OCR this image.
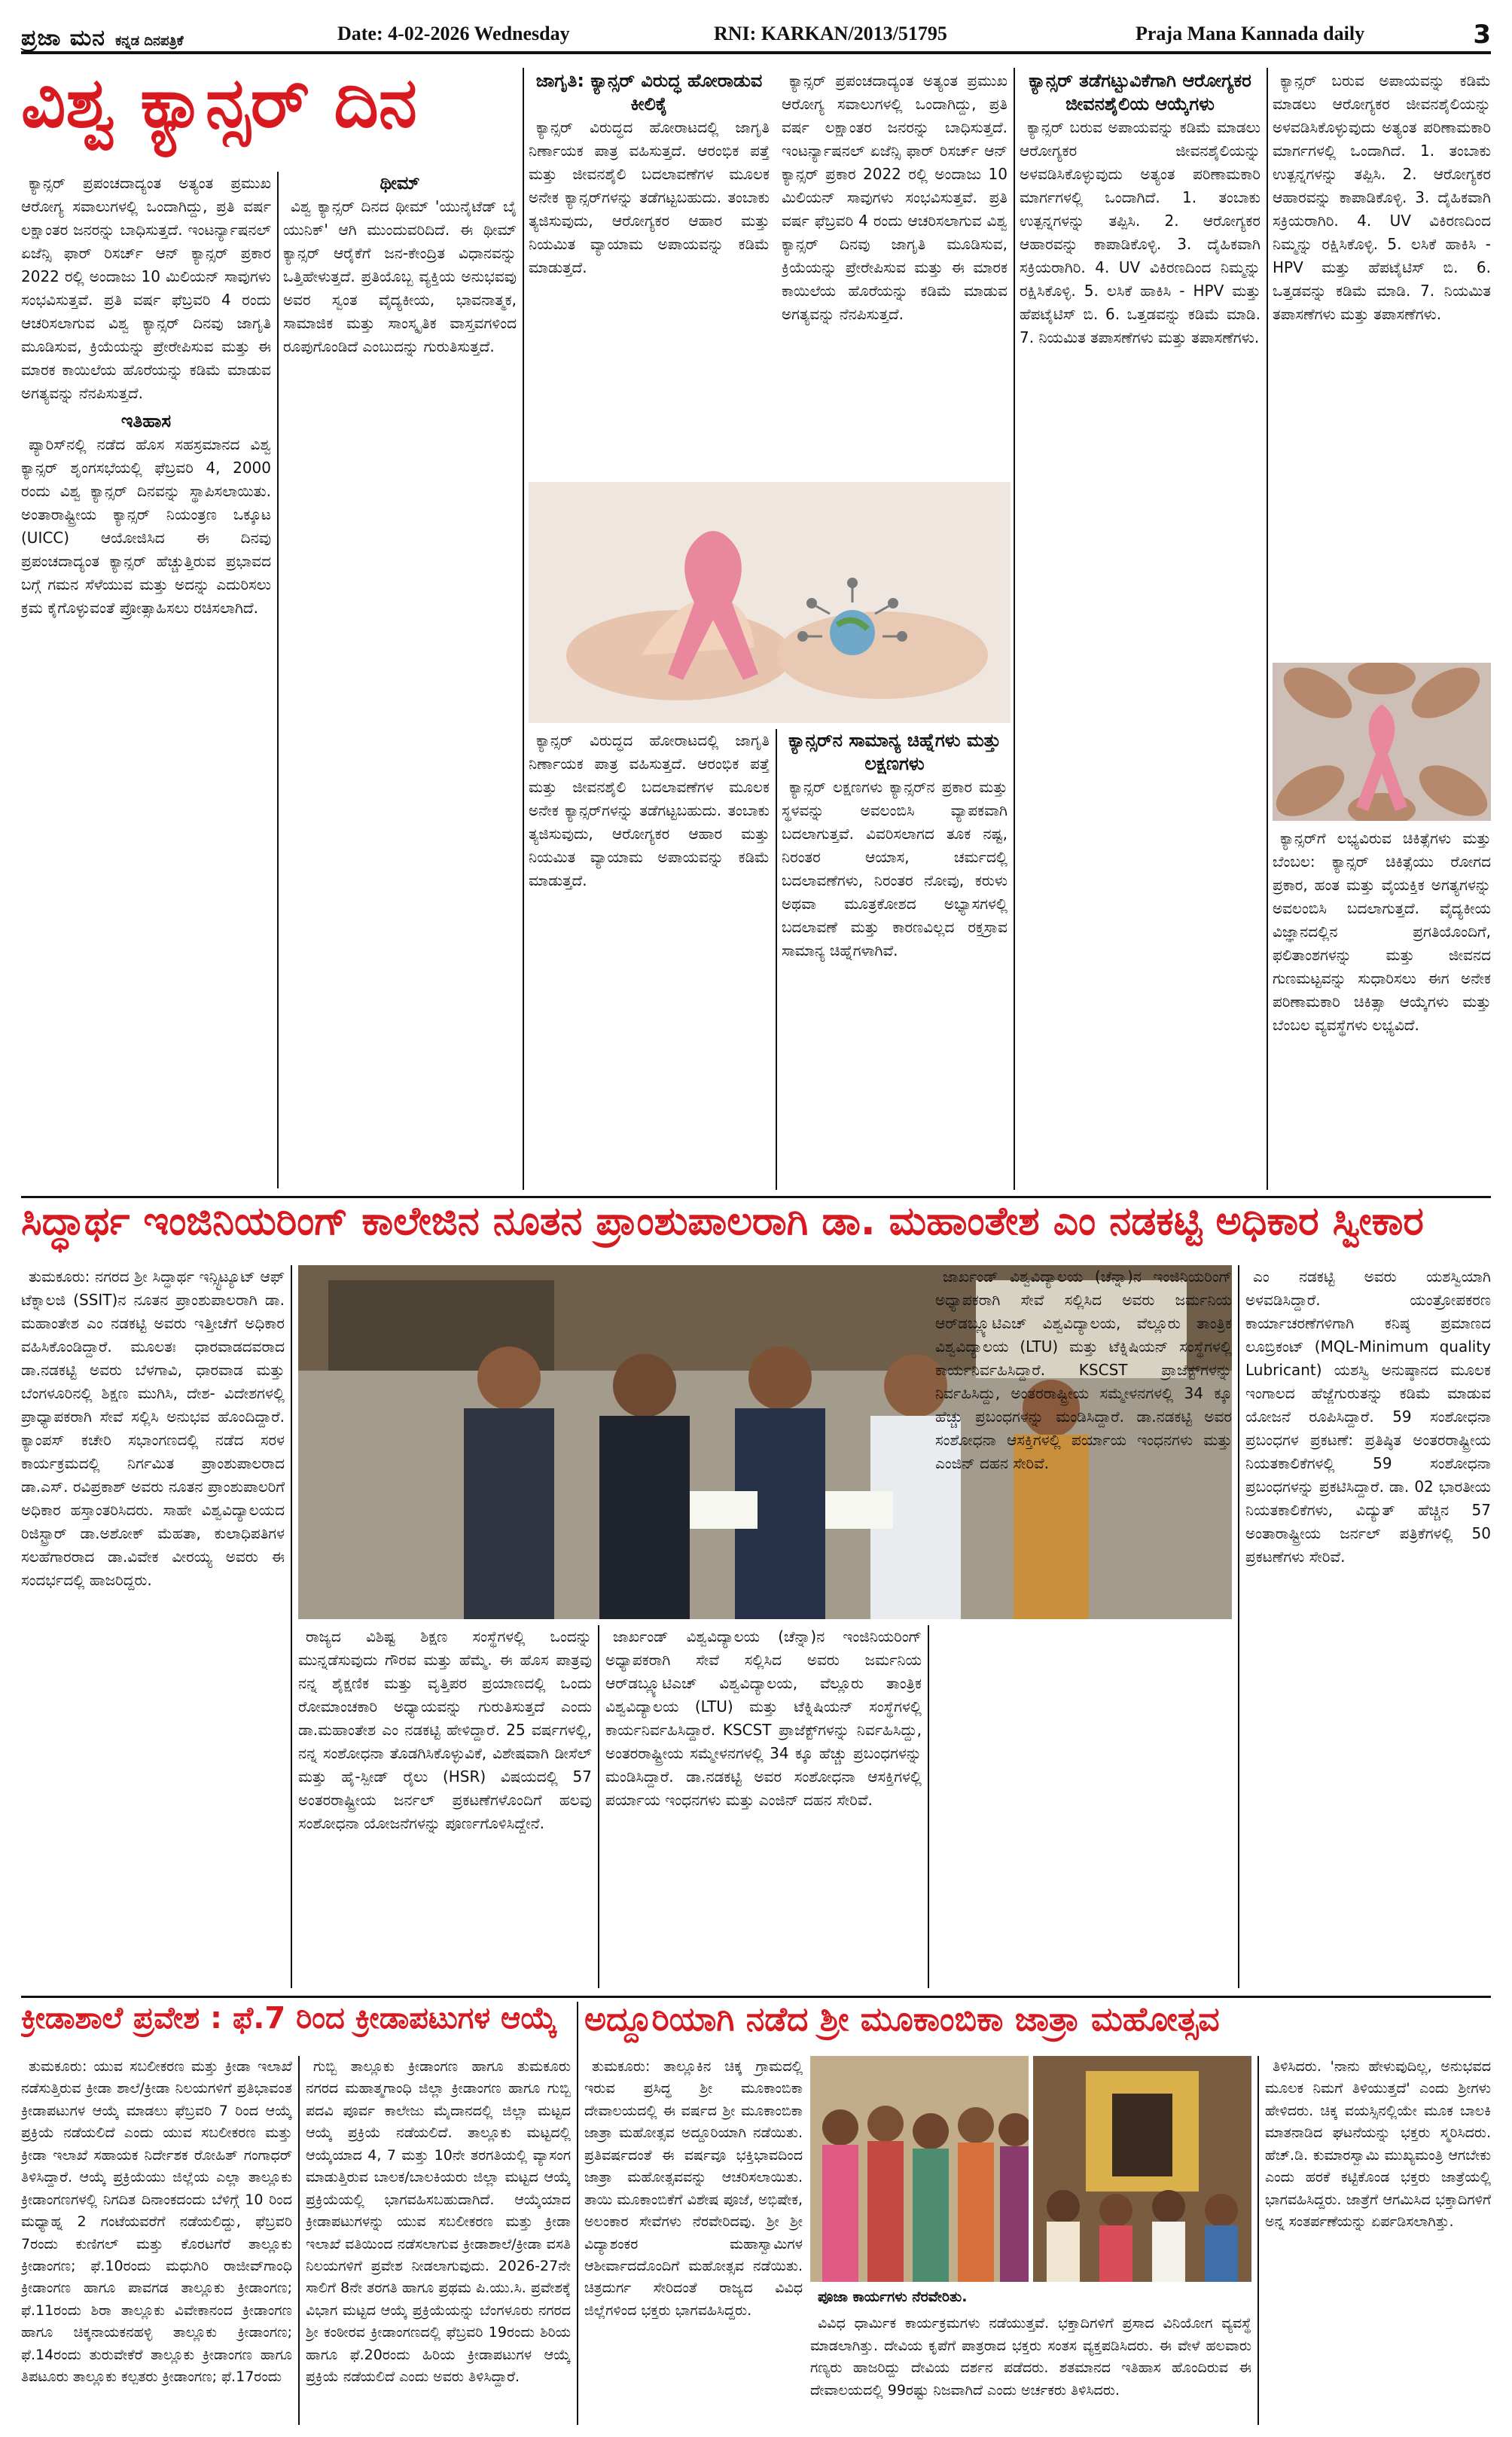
ಪ್ರಜಾ ಮನ ಕನ್ನಡ ದಿನಪತ್ರಿಕೆ	Date: 4-02-2026 Wednesday	RNI: KARKAN/2013/51795	Praja Mana Kannada daily	3
ವಿಶ್ವ ಕ್ಯಾನ್ಸರ್ ದಿನ

ಕ್ಯಾನ್ಸರ್ ಪ್ರಪಂಚದಾದ್ಯಂತ ಅತ್ಯಂತ ಪ್ರಮುಖ ಆರೋಗ್ಯ ಸವಾಲುಗಳಲ್ಲಿ ಒಂದಾಗಿದ್ದು, ಪ್ರತಿ ವರ್ಷ ಲಕ್ಷಾಂತರ ಜನರನ್ನು ಬಾಧಿಸುತ್ತದೆ. ಇಂಟರ್ನ್ಯಾಷನಲ್ ಏಜೆನ್ಸಿ ಫಾರ್ ರಿಸರ್ಚ್ ಆನ್ ಕ್ಯಾನ್ಸರ್ ಪ್ರಕಾರ 2022 ರಲ್ಲಿ ಅಂದಾಜು 10 ಮಿಲಿಯನ್ ಸಾವುಗಳು ಸಂಭವಿಸುತ್ತವೆ. ಪ್ರತಿ ವರ್ಷ ಫೆಬ್ರವರಿ 4 ರಂದು ಆಚರಿಸಲಾಗುವ ವಿಶ್ವ ಕ್ಯಾನ್ಸರ್ ದಿನವು ಜಾಗೃತಿ ಮೂಡಿಸುವ, ಕ್ರಿಯೆಯನ್ನು ಪ್ರೇರೇಪಿಸುವ ಮತ್ತು ಈ ಮಾರಕ ಕಾಯಿಲೆಯ ಹೊರೆಯನ್ನು ಕಡಿಮೆ ಮಾಡುವ ಅಗತ್ಯವನ್ನು ನೆನಪಿಸುತ್ತದೆ.

ಇತಿಹಾಸ

ಪ್ಯಾರಿಸ್‌ನಲ್ಲಿ ನಡೆದ ಹೊಸ ಸಹಸ್ರಮಾನದ ವಿಶ್ವ ಕ್ಯಾನ್ಸರ್ ಶೃಂಗಸಭೆಯಲ್ಲಿ ಫೆಬ್ರವರಿ 4, 2000 ರಂದು ವಿಶ್ವ ಕ್ಯಾನ್ಸರ್ ದಿನವನ್ನು ಸ್ಥಾಪಿಸಲಾಯಿತು. ಅಂತಾರಾಷ್ಟ್ರೀಯ ಕ್ಯಾನ್ಸರ್ ನಿಯಂತ್ರಣ ಒಕ್ಕೂಟ (UICC) ಆಯೋಜಿಸಿದ ಈ ದಿನವು ಪ್ರಪಂಚದಾದ್ಯಂತ ಕ್ಯಾನ್ಸರ್ ಹೆಚ್ಚುತ್ತಿರುವ ಪ್ರಭಾವದ ಬಗ್ಗೆ ಗಮನ ಸೆಳೆಯುವ ಮತ್ತು ಅದನ್ನು ಎದುರಿಸಲು ಕ್ರಮ ಕೈಗೊಳ್ಳುವಂತೆ ಪ್ರೋತ್ಸಾಹಿಸಲು ರಚಿಸಲಾಗಿದೆ.

ಥೀಮ್

ವಿಶ್ವ ಕ್ಯಾನ್ಸರ್ ದಿನದ ಥೀಮ್ 'ಯುನೈಟೆಡ್ ಬೈ ಯುನಿಕ್' ಆಗಿ ಮುಂದುವರಿದಿದೆ. ಈ ಥೀಮ್ ಕ್ಯಾನ್ಸರ್ ಆರೈಕೆಗೆ ಜನ-ಕೇಂದ್ರಿತ ವಿಧಾನವನ್ನು ಒತ್ತಿಹೇಳುತ್ತದೆ. ಪ್ರತಿಯೊಬ್ಬ ವ್ಯಕ್ತಿಯ ಅನುಭವವು ಅವರ ಸ್ವಂತ ವೈದ್ಯಕೀಯ, ಭಾವನಾತ್ಮಕ, ಸಾಮಾಜಿಕ ಮತ್ತು ಸಾಂಸ್ಕೃತಿಕ ವಾಸ್ತವಗಳಿಂದ ರೂಪುಗೊಂಡಿದೆ ಎಂಬುದನ್ನು ಗುರುತಿಸುತ್ತದೆ.

ಜಾಗೃತಿ: ಕ್ಯಾನ್ಸರ್ ವಿರುದ್ಧ ಹೋರಾಡುವ ಕೀಲಿಕೈ

ಕ್ಯಾನ್ಸರ್ ವಿರುದ್ಧದ ಹೋರಾಟದಲ್ಲಿ ಜಾಗೃತಿ ನಿರ್ಣಾಯಕ ಪಾತ್ರ ವಹಿಸುತ್ತದೆ. ಆರಂಭಿಕ ಪತ್ತೆ ಮತ್ತು ಜೀವನಶೈಲಿ ಬದಲಾವಣೆಗಳ ಮೂಲಕ ಅನೇಕ ಕ್ಯಾನ್ಸರ್‌ಗಳನ್ನು ತಡೆಗಟ್ಟಬಹುದು. ತಂಬಾಕು ತ್ಯಜಿಸುವುದು, ಆರೋಗ್ಯಕರ ಆಹಾರ ಮತ್ತು ನಿಯಮಿತ ವ್ಯಾಯಾಮ ಅಪಾಯವನ್ನು ಕಡಿಮೆ ಮಾಡುತ್ತದೆ.

ಕ್ಯಾನ್ಸರ್ ವಿರುದ್ಧದ ಹೋರಾಟದಲ್ಲಿ ಜಾಗೃತಿ ನಿರ್ಣಾಯಕ ಪಾತ್ರ ವಹಿಸುತ್ತದೆ. ಆರಂಭಿಕ ಪತ್ತೆ ಮತ್ತು ಜೀವನಶೈಲಿ ಬದಲಾವಣೆಗಳ ಮೂಲಕ ಅನೇಕ ಕ್ಯಾನ್ಸರ್‌ಗಳನ್ನು ತಡೆಗಟ್ಟಬಹುದು. ತಂಬಾಕು ತ್ಯಜಿಸುವುದು, ಆರೋಗ್ಯಕರ ಆಹಾರ ಮತ್ತು ನಿಯಮಿತ ವ್ಯಾಯಾಮ ಅಪಾಯವನ್ನು ಕಡಿಮೆ ಮಾಡುತ್ತದೆ.

ಕ್ಯಾನ್ಸರ್ ಪ್ರಪಂಚದಾದ್ಯಂತ ಅತ್ಯಂತ ಪ್ರಮುಖ ಆರೋಗ್ಯ ಸವಾಲುಗಳಲ್ಲಿ ಒಂದಾಗಿದ್ದು, ಪ್ರತಿ ವರ್ಷ ಲಕ್ಷಾಂತರ ಜನರನ್ನು ಬಾಧಿಸುತ್ತದೆ. ಇಂಟರ್ನ್ಯಾಷನಲ್ ಏಜೆನ್ಸಿ ಫಾರ್ ರಿಸರ್ಚ್ ಆನ್ ಕ್ಯಾನ್ಸರ್ ಪ್ರಕಾರ 2022 ರಲ್ಲಿ ಅಂದಾಜು 10 ಮಿಲಿಯನ್ ಸಾವುಗಳು ಸಂಭವಿಸುತ್ತವೆ. ಪ್ರತಿ ವರ್ಷ ಫೆಬ್ರವರಿ 4 ರಂದು ಆಚರಿಸಲಾಗುವ ವಿಶ್ವ ಕ್ಯಾನ್ಸರ್ ದಿನವು ಜಾಗೃತಿ ಮೂಡಿಸುವ, ಕ್ರಿಯೆಯನ್ನು ಪ್ರೇರೇಪಿಸುವ ಮತ್ತು ಈ ಮಾರಕ ಕಾಯಿಲೆಯ ಹೊರೆಯನ್ನು ಕಡಿಮೆ ಮಾಡುವ ಅಗತ್ಯವನ್ನು ನೆನಪಿಸುತ್ತದೆ.

ಕ್ಯಾನ್ಸರ್‌ನ ಸಾಮಾನ್ಯ ಚಿಹ್ನೆಗಳು ಮತ್ತು ಲಕ್ಷಣಗಳು

ಕ್ಯಾನ್ಸರ್ ಲಕ್ಷಣಗಳು ಕ್ಯಾನ್ಸರ್‌ನ ಪ್ರಕಾರ ಮತ್ತು ಸ್ಥಳವನ್ನು ಅವಲಂಬಿಸಿ ವ್ಯಾಪಕವಾಗಿ ಬದಲಾಗುತ್ತವೆ. ವಿವರಿಸಲಾಗದ ತೂಕ ನಷ್ಟ, ನಿರಂತರ ಆಯಾಸ, ಚರ್ಮದಲ್ಲಿ ಬದಲಾವಣೆಗಳು, ನಿರಂತರ ನೋವು, ಕರುಳು ಅಥವಾ ಮೂತ್ರಕೋಶದ ಅಭ್ಯಾಸಗಳಲ್ಲಿ ಬದಲಾವಣೆ ಮತ್ತು ಕಾರಣವಿಲ್ಲದ ರಕ್ತಸ್ರಾವ ಸಾಮಾನ್ಯ ಚಿಹ್ನೆಗಳಾಗಿವೆ.

ಕ್ಯಾನ್ಸರ್ ತಡೆಗಟ್ಟುವಿಕೆಗಾಗಿ ಆರೋಗ್ಯಕರ ಜೀವನಶೈಲಿಯ ಆಯ್ಕೆಗಳು

ಕ್ಯಾನ್ಸರ್ ಬರುವ ಅಪಾಯವನ್ನು ಕಡಿಮೆ ಮಾಡಲು ಆರೋಗ್ಯಕರ ಜೀವನಶೈಲಿಯನ್ನು ಅಳವಡಿಸಿಕೊಳ್ಳುವುದು ಅತ್ಯಂತ ಪರಿಣಾಮಕಾರಿ ಮಾರ್ಗಗಳಲ್ಲಿ ಒಂದಾಗಿದೆ. 1. ತಂಬಾಕು ಉತ್ಪನ್ನಗಳನ್ನು ತಪ್ಪಿಸಿ. 2. ಆರೋಗ್ಯಕರ ಆಹಾರವನ್ನು ಕಾಪಾಡಿಕೊಳ್ಳಿ. 3. ದೈಹಿಕವಾಗಿ ಸಕ್ರಿಯರಾಗಿರಿ. 4. UV ವಿಕಿರಣದಿಂದ ನಿಮ್ಮನ್ನು ರಕ್ಷಿಸಿಕೊಳ್ಳಿ. 5. ಲಸಿಕೆ ಹಾಕಿಸಿ - HPV ಮತ್ತು ಹೆಪಟೈಟಿಸ್ ಬಿ. 6. ಒತ್ತಡವನ್ನು ಕಡಿಮೆ ಮಾಡಿ. 7. ನಿಯಮಿತ ತಪಾಸಣೆಗಳು ಮತ್ತು ತಪಾಸಣೆಗಳು.

ಕ್ಯಾನ್ಸರ್ ಬರುವ ಅಪಾಯವನ್ನು ಕಡಿಮೆ ಮಾಡಲು ಆರೋಗ್ಯಕರ ಜೀವನಶೈಲಿಯನ್ನು ಅಳವಡಿಸಿಕೊಳ್ಳುವುದು ಅತ್ಯಂತ ಪರಿಣಾಮಕಾರಿ ಮಾರ್ಗಗಳಲ್ಲಿ ಒಂದಾಗಿದೆ. 1. ತಂಬಾಕು ಉತ್ಪನ್ನಗಳನ್ನು ತಪ್ಪಿಸಿ. 2. ಆರೋಗ್ಯಕರ ಆಹಾರವನ್ನು ಕಾಪಾಡಿಕೊಳ್ಳಿ. 3. ದೈಹಿಕವಾಗಿ ಸಕ್ರಿಯರಾಗಿರಿ. 4. UV ವಿಕಿರಣದಿಂದ ನಿಮ್ಮನ್ನು ರಕ್ಷಿಸಿಕೊಳ್ಳಿ. 5. ಲಸಿಕೆ ಹಾಕಿಸಿ - HPV ಮತ್ತು ಹೆಪಟೈಟಿಸ್ ಬಿ. 6. ಒತ್ತಡವನ್ನು ಕಡಿಮೆ ಮಾಡಿ. 7. ನಿಯಮಿತ ತಪಾಸಣೆಗಳು ಮತ್ತು ತಪಾಸಣೆಗಳು.

ಕ್ಯಾನ್ಸರ್‌ಗೆ ಲಭ್ಯವಿರುವ ಚಿಕಿತ್ಸೆಗಳು ಮತ್ತು ಬೆಂಬಲ: ಕ್ಯಾನ್ಸರ್ ಚಿಕಿತ್ಸೆಯು ರೋಗದ ಪ್ರಕಾರ, ಹಂತ ಮತ್ತು ವೈಯಕ್ತಿಕ ಅಗತ್ಯಗಳನ್ನು ಅವಲಂಬಿಸಿ ಬದಲಾಗುತ್ತದೆ. ವೈದ್ಯಕೀಯ ವಿಜ್ಞಾನದಲ್ಲಿನ ಪ್ರಗತಿಯೊಂದಿಗೆ, ಫಲಿತಾಂಶಗಳನ್ನು ಮತ್ತು ಜೀವನದ ಗುಣಮಟ್ಟವನ್ನು ಸುಧಾರಿಸಲು ಈಗ ಅನೇಕ ಪರಿಣಾಮಕಾರಿ ಚಿಕಿತ್ಸಾ ಆಯ್ಕೆಗಳು ಮತ್ತು ಬೆಂಬಲ ವ್ಯವಸ್ಥೆಗಳು ಲಭ್ಯವಿದೆ.

ಸಿದ್ಧಾರ್ಥ ಇಂಜಿನಿಯರಿಂಗ್ ಕಾಲೇಜಿನ ನೂತನ ಪ್ರಾಂಶುಪಾಲರಾಗಿ ಡಾ. ಮಹಾಂತೇಶ ಎಂ ನಡಕಟ್ಟಿ ಅಧಿಕಾರ ಸ್ವೀಕಾರ

ತುಮಕೂರು: ನಗರದ ಶ್ರೀ ಸಿದ್ಧಾರ್ಥ ಇನ್ಸ್ಟಿಟ್ಯೂಟ್ ಆಫ್ ಟೆಕ್ನಾಲಜಿ (SSIT)ನ ನೂತನ ಪ್ರಾಂಶುಪಾಲರಾಗಿ ಡಾ. ಮಹಾಂತೇಶ ಎಂ ನಡಕಟ್ಟಿ ಅವರು ಇತ್ತೀಚೆಗೆ ಅಧಿಕಾರ ವಹಿಸಿಕೊಂಡಿದ್ದಾರೆ. ಮೂಲತಃ ಧಾರವಾಡದವರಾದ ಡಾ.ನಡಕಟ್ಟಿ ಅವರು ಬೆಳಗಾವಿ, ಧಾರವಾಡ ಮತ್ತು ಬೆಂಗಳೂರಿನಲ್ಲಿ ಶಿಕ್ಷಣ ಮುಗಿಸಿ, ದೇಶ- ವಿದೇಶಗಳಲ್ಲಿ ಪ್ರಾಧ್ಯಾಪಕರಾಗಿ ಸೇವೆ ಸಲ್ಲಿಸಿ ಅನುಭವ ಹೊಂದಿದ್ದಾರೆ. ಕ್ಯಾಂಪಸ್ ಕಚೇರಿ ಸಭಾಂಗಣದಲ್ಲಿ ನಡೆದ ಸರಳ ಕಾರ್ಯಕ್ರಮದಲ್ಲಿ ನಿರ್ಗಮಿತ ಪ್ರಾಂಶುಪಾಲರಾದ ಡಾ.ಎಸ್. ರವಿಪ್ರಕಾಶ್ ಅವರು ನೂತನ ಪ್ರಾಂಶುಪಾಲರಿಗೆ ಅಧಿಕಾರ ಹಸ್ತಾಂತರಿಸಿದರು. ಸಾಹೇ ವಿಶ್ವವಿದ್ಯಾಲಯದ ರಿಜಿಸ್ಟ್ರಾರ್ ಡಾ.ಅಶೋಕ್ ಮೆಹತಾ, ಕುಲಾಧಿಪತಿಗಳ ಸಲಹೆಗಾರರಾದ ಡಾ.ವಿವೇಕ ವೀರಯ್ಯ ಅವರು ಈ ಸಂದರ್ಭದಲ್ಲಿ ಹಾಜರಿದ್ದರು.

ರಾಜ್ಯದ ವಿಶಿಷ್ಟ ಶಿಕ್ಷಣ ಸಂಸ್ಥೆಗಳಲ್ಲಿ ಒಂದನ್ನು ಮುನ್ನಡೆಸುವುದು ಗೌರವ ಮತ್ತು ಹೆಮ್ಮೆ. ಈ ಹೊಸ ಪಾತ್ರವು ನನ್ನ ಶೈಕ್ಷಣಿಕ ಮತ್ತು ವೃತ್ತಿಪರ ಪ್ರಯಾಣದಲ್ಲಿ ಒಂದು ರೋಮಾಂಚಕಾರಿ ಅಧ್ಯಾಯವನ್ನು ಗುರುತಿಸುತ್ತದೆ ಎಂದು ಡಾ.ಮಹಾಂತೇಶ ಎಂ ನಡಕಟ್ಟಿ ಹೇಳಿದ್ದಾರೆ. 25 ವರ್ಷಗಳಲ್ಲಿ, ನನ್ನ ಸಂಶೋಧನಾ ತೊಡಗಿಸಿಕೊಳ್ಳುವಿಕೆ, ವಿಶೇಷವಾಗಿ ಡೀಸೆಲ್ ಮತ್ತು ಹೈ-ಸ್ಪೀಡ್ ರೈಲು (HSR) ವಿಷಯದಲ್ಲಿ 57 ಅಂತರರಾಷ್ಟ್ರೀಯ ಜರ್ನಲ್ ಪ್ರಕಟಣೆಗಳೊಂದಿಗೆ ಹಲವು ಸಂಶೋಧನಾ ಯೋಜನೆಗಳನ್ನು ಪೂರ್ಣಗೊಳಿಸಿದ್ದೇನೆ.

ಜಾರ್ಖಂಡ್ ವಿಶ್ವವಿದ್ಯಾಲಯ (ಚೆನ್ನಾ)ನ ಇಂಜಿನಿಯರಿಂಗ್ ಅಧ್ಯಾಪಕರಾಗಿ ಸೇವೆ ಸಲ್ಲಿಸಿದ ಅವರು ಜರ್ಮನಿಯ ಆರ್‌ಡಬ್ಲ್ಯೂಟಿಎಚ್ ವಿಶ್ವವಿದ್ಯಾಲಯ, ವೆಲ್ಲೂರು ತಾಂತ್ರಿಕ ವಿಶ್ವವಿದ್ಯಾಲಯ (LTU) ಮತ್ತು ಟೆಕ್ನಿಷಿಯನ್ ಸಂಸ್ಥೆಗಳಲ್ಲಿ ಕಾರ್ಯನಿರ್ವಹಿಸಿದ್ದಾರೆ. KSCST ಪ್ರಾಜೆಕ್ಟ್‌ಗಳನ್ನು ನಿರ್ವಹಿಸಿದ್ದು, ಅಂತರರಾಷ್ಟ್ರೀಯ ಸಮ್ಮೇಳನಗಳಲ್ಲಿ 34 ಕ್ಕೂ ಹೆಚ್ಚು ಪ್ರಬಂಧಗಳನ್ನು ಮಂಡಿಸಿದ್ದಾರೆ. ಡಾ.ನಡಕಟ್ಟಿ ಅವರ ಸಂಶೋಧನಾ ಆಸಕ್ತಿಗಳಲ್ಲಿ ಪರ್ಯಾಯ ಇಂಧನಗಳು ಮತ್ತು ಎಂಜಿನ್ ದಹನ ಸೇರಿವೆ.

ಜಾರ್ಖಂಡ್ ವಿಶ್ವವಿದ್ಯಾಲಯ (ಚೆನ್ನಾ)ನ ಇಂಜಿನಿಯರಿಂಗ್ ಅಧ್ಯಾಪಕರಾಗಿ ಸೇವೆ ಸಲ್ಲಿಸಿದ ಅವರು ಜರ್ಮನಿಯ ಆರ್‌ಡಬ್ಲ್ಯೂಟಿಎಚ್ ವಿಶ್ವವಿದ್ಯಾಲಯ, ವೆಲ್ಲೂರು ತಾಂತ್ರಿಕ ವಿಶ್ವವಿದ್ಯಾಲಯ (LTU) ಮತ್ತು ಟೆಕ್ನಿಷಿಯನ್ ಸಂಸ್ಥೆಗಳಲ್ಲಿ ಕಾರ್ಯನಿರ್ವಹಿಸಿದ್ದಾರೆ. KSCST ಪ್ರಾಜೆಕ್ಟ್‌ಗಳನ್ನು ನಿರ್ವಹಿಸಿದ್ದು, ಅಂತರರಾಷ್ಟ್ರೀಯ ಸಮ್ಮೇಳನಗಳಲ್ಲಿ 34 ಕ್ಕೂ ಹೆಚ್ಚು ಪ್ರಬಂಧಗಳನ್ನು ಮಂಡಿಸಿದ್ದಾರೆ. ಡಾ.ನಡಕಟ್ಟಿ ಅವರ ಸಂಶೋಧನಾ ಆಸಕ್ತಿಗಳಲ್ಲಿ ಪರ್ಯಾಯ ಇಂಧನಗಳು ಮತ್ತು ಎಂಜಿನ್ ದಹನ ಸೇರಿವೆ.

ಎಂ ನಡಕಟ್ಟಿ ಅವರು ಯಶಸ್ವಿಯಾಗಿ ಅಳವಡಿಸಿದ್ದಾರೆ. ಯಂತ್ರೋಪಕರಣ ಕಾರ್ಯಾಚರಣೆಗಳಿಗಾಗಿ ಕನಿಷ್ಠ ಪ್ರಮಾಣದ ಲೂಬ್ರಿಕಂಟ್ (MQL-Minimum quality Lubricant) ಯಶಸ್ವಿ ಅನುಷ್ಠಾನದ ಮೂಲಕ ಇಂಗಾಲದ ಹೆಜ್ಜೆಗುರುತನ್ನು ಕಡಿಮೆ ಮಾಡುವ ಯೋಜನೆ ರೂಪಿಸಿದ್ದಾರೆ. 59 ಸಂಶೋಧನಾ ಪ್ರಬಂಧಗಳ ಪ್ರಕಟಣೆ: ಪ್ರತಿಷ್ಠಿತ ಅಂತರರಾಷ್ಟ್ರೀಯ ನಿಯತಕಾಲಿಕೆಗಳಲ್ಲಿ 59 ಸಂಶೋಧನಾ ಪ್ರಬಂಧಗಳನ್ನು ಪ್ರಕಟಿಸಿದ್ದಾರೆ. ಡಾ. 02 ಭಾರತೀಯ ನಿಯತಕಾಲಿಕೆಗಳು, ವಿದ್ಯುತ್ ಹೆಚ್ಚಿನ 57 ಅಂತಾರಾಷ್ಟ್ರೀಯ ಜರ್ನಲ್ ಪತ್ರಿಕೆಗಳಲ್ಲಿ 50 ಪ್ರಕಟಣೆಗಳು ಸೇರಿವೆ.

ಕ್ರೀಡಾಶಾಲೆ ಪ್ರವೇಶ : ಫೆ.7 ರಿಂದ ಕ್ರೀಡಾಪಟುಗಳ ಆಯ್ಕೆ

ತುಮಕೂರು: ಯುವ ಸಬಲೀಕರಣ ಮತ್ತು ಕ್ರೀಡಾ ಇಲಾಖೆ ನಡೆಸುತ್ತಿರುವ ಕ್ರೀಡಾ ಶಾಲೆ/ಕ್ರೀಡಾ ನಿಲಯಗಳಿಗೆ ಪ್ರತಿಭಾವಂತ ಕ್ರೀಡಾಪಟುಗಳ ಆಯ್ಕೆ ಮಾಡಲು ಫೆಬ್ರವರಿ 7 ರಿಂದ ಆಯ್ಕೆ ಪ್ರಕ್ರಿಯೆ ನಡೆಯಲಿದೆ ಎಂದು ಯುವ ಸಬಲೀಕರಣ ಮತ್ತು ಕ್ರೀಡಾ ಇಲಾಖೆ ಸಹಾಯಕ ನಿರ್ದೇಶಕ ರೋಹಿತ್ ಗಂಗಾಧರ್ ತಿಳಿಸಿದ್ದಾರೆ. ಆಯ್ಕೆ ಪ್ರಕ್ರಿಯೆಯು ಜಿಲ್ಲೆಯ ಎಲ್ಲಾ ತಾಲ್ಲೂಕು ಕ್ರೀಡಾಂಗಣಗಳಲ್ಲಿ ನಿಗದಿತ ದಿನಾಂಕದಂದು ಬೆಳಿಗ್ಗೆ 10 ರಿಂದ ಮಧ್ಯಾಹ್ನ 2 ಗಂಟೆಯವರೆಗೆ ನಡೆಯಲಿದ್ದು, ಫೆಬ್ರವರಿ 7ರಂದು ಕುಣಿಗಲ್ ಮತ್ತು ಕೊರಟಗೆರೆ ತಾಲ್ಲೂಕು ಕ್ರೀಡಾಂಗಣ; ಫೆ.10ರಂದು ಮಧುಗಿರಿ ರಾಜೀವ್‌ಗಾಂಧಿ ಕ್ರೀಡಾಂಗಣ ಹಾಗೂ ಪಾವಗಡ ತಾಲ್ಲೂಕು ಕ್ರೀಡಾಂಗಣ; ಫೆ.11ರಂದು ಶಿರಾ ತಾಲ್ಲೂಕು ವಿವೇಕಾನಂದ ಕ್ರೀಡಾಂಗಣ ಹಾಗೂ ಚಿಕ್ಕನಾಯಕನಹಳ್ಳಿ ತಾಲ್ಲೂಕು ಕ್ರೀಡಾಂಗಣ; ಫೆ.14ರಂದು ತುರುವೇಕೆರೆ ತಾಲ್ಲೂಕು ಕ್ರೀಡಾಂಗಣ ಹಾಗೂ ತಿಪಟೂರು ತಾಲ್ಲೂಕು ಕಲ್ಪತರು ಕ್ರೀಡಾಂಗಣ; ಫೆ.17ರಂದು

ಗುಬ್ಬಿ ತಾಲ್ಲೂಕು ಕ್ರೀಡಾಂಗಣ ಹಾಗೂ ತುಮಕೂರು ನಗರದ ಮಹಾತ್ಮಗಾಂಧಿ ಜಿಲ್ಲಾ ಕ್ರೀಡಾಂಗಣ ಹಾಗೂ ಗುಬ್ಬಿ ಪದವಿ ಪೂರ್ವ ಕಾಲೇಜು ಮೈದಾನದಲ್ಲಿ ಜಿಲ್ಲಾ ಮಟ್ಟದ ಆಯ್ಕೆ ಪ್ರಕ್ರಿಯೆ ನಡೆಯಲಿದೆ. ತಾಲ್ಲೂಕು ಮಟ್ಟದಲ್ಲಿ ಆಯ್ಕೆಯಾದ 4, 7 ಮತ್ತು 10ನೇ ತರಗತಿಯಲ್ಲಿ ವ್ಯಾಸಂಗ ಮಾಡುತ್ತಿರುವ ಬಾಲಕ/ಬಾಲಕಿಯರು ಜಿಲ್ಲಾ ಮಟ್ಟದ ಆಯ್ಕೆ ಪ್ರಕ್ರಿಯೆಯಲ್ಲಿ ಭಾಗವಹಿಸಬಹುದಾಗಿದೆ. ಆಯ್ಕೆಯಾದ ಕ್ರೀಡಾಪಟುಗಳನ್ನು ಯುವ ಸಬಲೀಕರಣ ಮತ್ತು ಕ್ರೀಡಾ ಇಲಾಖೆ ವತಿಯಿಂದ ನಡೆಸಲಾಗುವ ಕ್ರೀಡಾಶಾಲೆ/ಕ್ರೀಡಾ ವಸತಿ ನಿಲಯಗಳಿಗೆ ಪ್ರವೇಶ ನೀಡಲಾಗುವುದು. 2026-27ನೇ ಸಾಲಿಗೆ 8ನೇ ತರಗತಿ ಹಾಗೂ ಪ್ರಥಮ ಪಿ.ಯು.ಸಿ. ಪ್ರವೇಶಕ್ಕೆ ವಿಭಾಗ ಮಟ್ಟದ ಆಯ್ಕೆ ಪ್ರಕ್ರಿಯೆಯನ್ನು ಬೆಂಗಳೂರು ನಗರದ ಶ್ರೀ ಕಂಠೀರವ ಕ್ರೀಡಾಂಗಣದಲ್ಲಿ ಫೆಬ್ರವರಿ 19ರಂದು ಶಿರಿಯ ಹಾಗೂ ಫೆ.20ರಂದು ಹಿರಿಯ ಕ್ರೀಡಾಪಟುಗಳ ಆಯ್ಕೆ ಪ್ರಕ್ರಿಯೆ ನಡೆಯಲಿದೆ ಎಂದು ಅವರು ತಿಳಿಸಿದ್ದಾರೆ.

ಅದ್ದೂರಿಯಾಗಿ ನಡೆದ ಶ್ರೀ ಮೂಕಾಂಬಿಕಾ ಜಾತ್ರಾ ಮಹೋತ್ಸವ

ತುಮಕೂರು: ತಾಲ್ಲೂಕಿನ ಚಿಕ್ಕ ಗ್ರಾಮದಲ್ಲಿ ಇರುವ ಪ್ರಸಿದ್ಧ ಶ್ರೀ ಮೂಕಾಂಬಿಕಾ ದೇವಾಲಯದಲ್ಲಿ ಈ ವರ್ಷದ ಶ್ರೀ ಮೂಕಾಂಬಿಕಾ ಜಾತ್ರಾ ಮಹೋತ್ಸವ ಅದ್ದೂರಿಯಾಗಿ ನಡೆಯಿತು. ಪ್ರತಿವರ್ಷದಂತೆ ಈ ವರ್ಷವೂ ಭಕ್ತಿಭಾವದಿಂದ ಜಾತ್ರಾ ಮಹೋತ್ಸವವನ್ನು ಆಚರಿಸಲಾಯಿತು. ತಾಯಿ ಮೂಕಾಂಬಿಕೆಗೆ ವಿಶೇಷ ಪೂಜೆ, ಅಭಿಷೇಕ, ಅಲಂಕಾರ ಸೇವೆಗಳು ನೆರವೇರಿದವು. ಶ್ರೀ ಶ್ರೀ ವಿದ್ಯಾಶಂಕರ ಮಹಾಸ್ವಾಮಿಗಳ ಆಶೀರ್ವಾದದೊಂದಿಗೆ ಮಹೋತ್ಸವ ನಡೆಯಿತು. ಚಿತ್ರದುರ್ಗ ಸೇರಿದಂತೆ ರಾಜ್ಯದ ವಿವಿಧ ಜಿಲ್ಲೆಗಳಿಂದ ಭಕ್ತರು ಭಾಗವಹಿಸಿದ್ದರು.

ಪೂಜಾ ಕಾರ್ಯಗಳು ನೆರವೇರಿತು.

ವಿವಿಧ ಧಾರ್ಮಿಕ ಕಾರ್ಯಕ್ರಮಗಳು ನಡೆಯುತ್ತವೆ. ಭಕ್ತಾದಿಗಳಿಗೆ ಪ್ರಸಾದ ವಿನಿಯೋಗ ವ್ಯವಸ್ಥೆ ಮಾಡಲಾಗಿತ್ತು. ದೇವಿಯ ಕೃಪೆಗೆ ಪಾತ್ರರಾದ ಭಕ್ತರು ಸಂತಸ ವ್ಯಕ್ತಪಡಿಸಿದರು. ಈ ವೇಳೆ ಹಲವಾರು ಗಣ್ಯರು ಹಾಜರಿದ್ದು ದೇವಿಯ ದರ್ಶನ ಪಡೆದರು. ಶತಮಾನದ ಇತಿಹಾಸ ಹೊಂದಿರುವ ಈ ದೇವಾಲಯದಲ್ಲಿ 99ರಷ್ಟು ನಿಜವಾಗಿದೆ ಎಂದು ಅರ್ಚಕರು ತಿಳಿಸಿದರು.

ತಿಳಿಸಿದರು. 'ನಾನು ಹೇಳುವುದಿಲ್ಲ, ಅನುಭವದ ಮೂಲಕ ನಿಮಗೆ ತಿಳಿಯುತ್ತದೆ' ಎಂದು ಶ್ರೀಗಳು ಹೇಳಿದರು. ಚಿಕ್ಕ ವಯಸ್ಸಿನಲ್ಲಿಯೇ ಮೂಕ ಬಾಲಕಿ ಮಾತನಾಡಿದ ಘಟನೆಯನ್ನು ಭಕ್ತರು ಸ್ಮರಿಸಿದರು. ಹೆಚ್.ಡಿ. ಕುಮಾರಸ್ವಾಮಿ ಮುಖ್ಯಮಂತ್ರಿ ಆಗಬೇಕು ಎಂದು ಹರಕೆ ಕಟ್ಟಿಕೊಂಡ ಭಕ್ತರು ಜಾತ್ರೆಯಲ್ಲಿ ಭಾಗವಹಿಸಿದ್ದರು. ಜಾತ್ರೆಗೆ ಆಗಮಿಸಿದ ಭಕ್ತಾದಿಗಳಿಗೆ ಅನ್ನ ಸಂತರ್ಪಣೆಯನ್ನು ಏರ್ಪಡಿಸಲಾಗಿತ್ತು.
